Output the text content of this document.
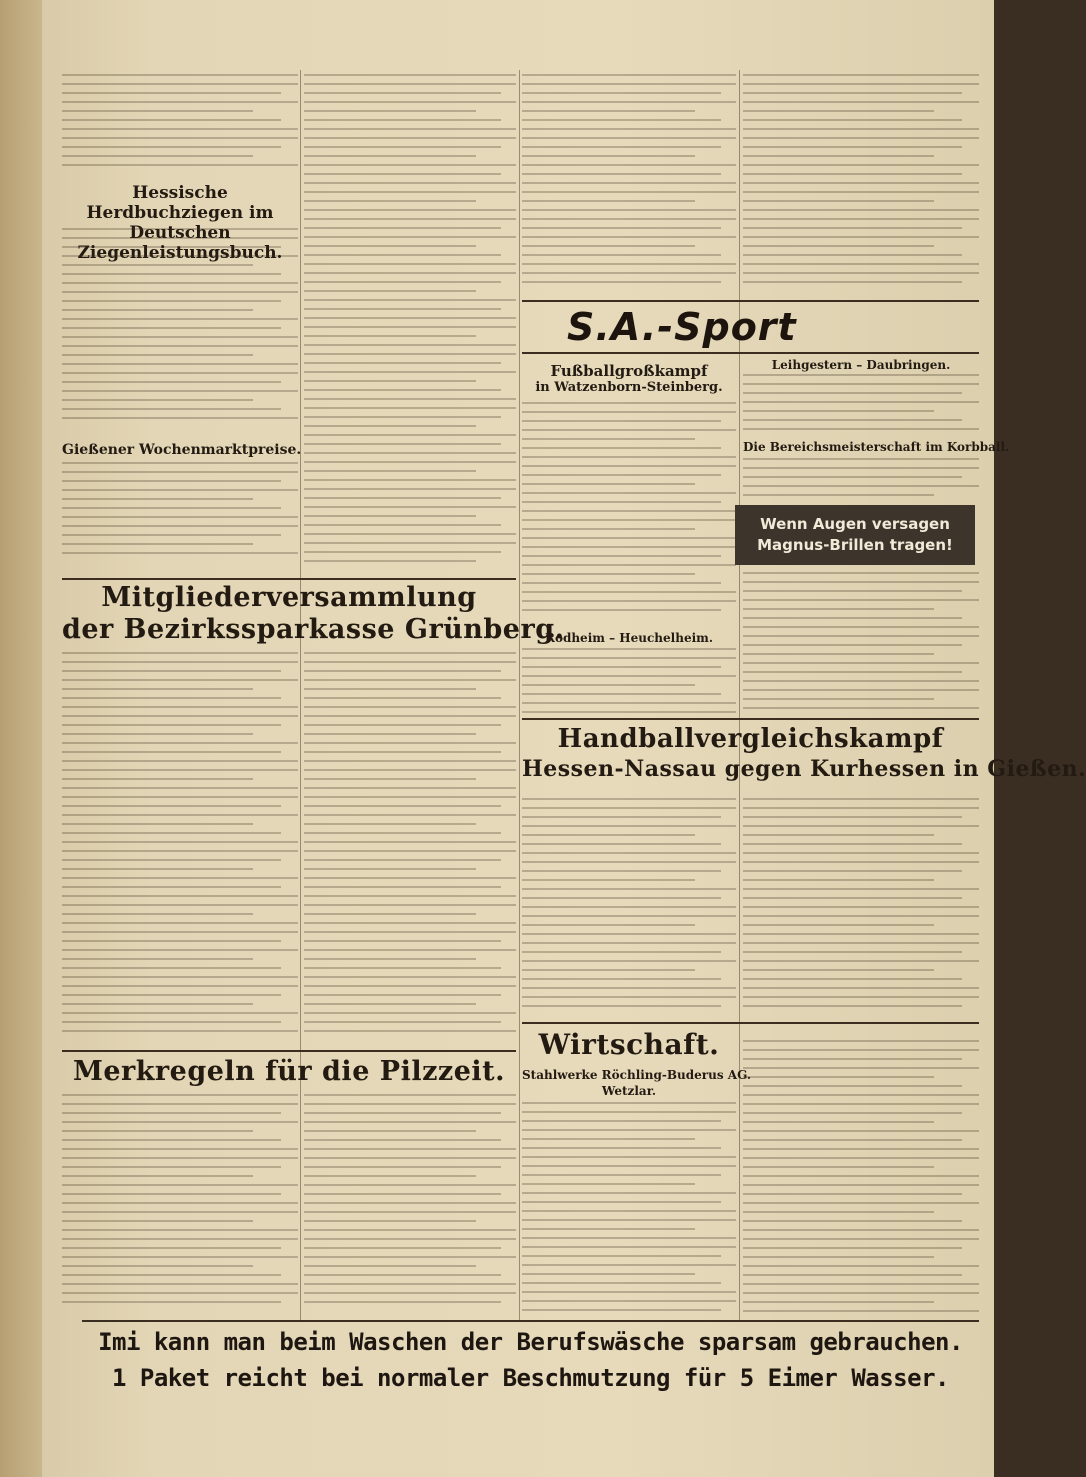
Hessische Herdbuchziegen im Deutschen Ziegenleistungsbuch.
Gießener Wochenmarktpreise.
S.A.-Sport
Fußballgroßkampf
in Watzenborn-Steinberg.
Rodheim – Heuchelheim.
Leihgestern – Daubringen.
Die Bereichsmeisterschaft im Korbball.
Wenn Augen versagen
Magnus-Brillen tragen!
Mitgliederversammlung
der Bezirkssparkasse Grünberg.
Handballvergleichskampf
Hessen-Nassau gegen Kurhessen in Gießen.
Merkregeln für die Pilzzeit.
Wirtschaft.
Stahlwerke Röchling-Buderus AG.
Wetzlar.
Imi kann man beim Waschen der Berufswäsche sparsam gebrauchen.
1 Paket reicht bei normaler Beschmutzung für 5 Eimer Wasser.
